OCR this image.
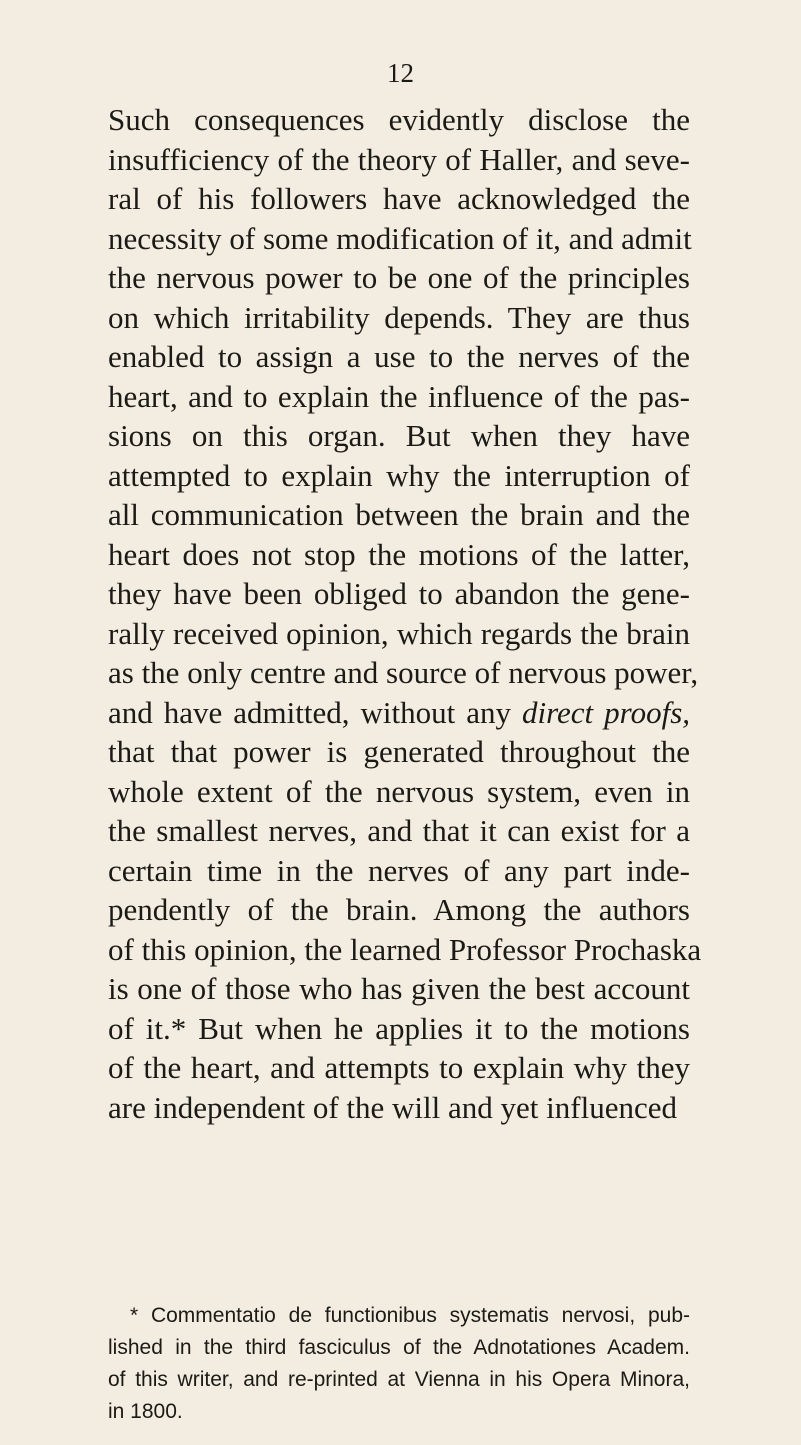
12
Such consequences evidently disclose the
insufficiency of the theory of Haller, and seve-
ral of his followers have acknowledged the
necessity of some modification of it, and admit
the nervous power to be one of the principles
on which irritability depends. They are thus
enabled to assign a use to the nerves of the
heart, and to explain the influence of the pas-
sions on this organ. But when they have
attempted to explain why the interruption of
all communication between the brain and the
heart does not stop the motions of the latter,
they have been obliged to abandon the gene-
rally received opinion, which regards the brain
as the only centre and source of nervous power,
and have admitted, without any direct proofs,
that that power is generated throughout the
whole extent of the nervous system, even in
the smallest nerves, and that it can exist for a
certain time in the nerves of any part inde-
pendently of the brain. Among the authors
of this opinion, the learned Professor Prochaska
is one of those who has given the best account
of it.* But when he applies it to the motions
of the heart, and attempts to explain why they
are independent of the will and yet influenced
* Commentatio de functionibus systematis nervosi, pub-
lished in the third fasciculus of the Adnotationes Academ.
of this writer, and re-printed at Vienna in his Opera Minora,
in 1800.
